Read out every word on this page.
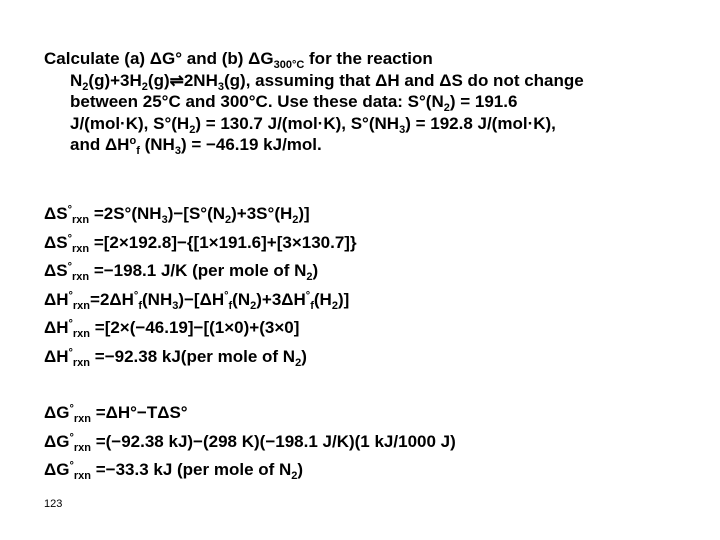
Calculate (a) ΔG° and (b) $\Delta G_{300^\circ C}$ for the reaction
$N_2(g)+3H_2(g)\rightleftharpoons 2NH_3(g)$, assuming that ΔH and ΔS do not change
between 25°C and 300°C. Use these data: $S^\circ(N_2) = 191.6$
J/(mol·K), $S^\circ(H_2) = 130.7$ J/(mol·K), $S^\circ(NH_3) = 192.8$ J/(mol·K),
and $\Delta H^o_f$ $(NH_3) = -46.19$ kJ/mol.
$\Delta S^\circ_{rxn} =2S^\circ(NH_3)-[S^\circ(N_2)+3S^\circ(H_2)]$
$\Delta S^\circ_{rxn} =[2\times 192.8]-\{[1\times 191.6]+[3\times 130.7]\}$
$\Delta S^\circ_{rxn} =-198.1$ J/K (per mole of $N_2$)
$\Delta H^\circ_{rxn}=2\Delta H^\circ_f(NH_3)-[\Delta H^\circ_f(N_2)+3\Delta H^\circ_f(H_2)]$
$\Delta H^\circ_{rxn} =[2\times(-46.19]-[(1\times 0)+(3\times 0]$
$\Delta H^\circ_{rxn} =-92.38$ kJ(per mole of $N_2$)
$\Delta G^\circ_{rxn} =\Delta H^\circ-T\Delta S^\circ$
$\Delta G^\circ_{rxn} =(-92.38$ kJ)−(298 K)(−198.1 J/K)(1 kJ/1000 J)
$\Delta G^\circ_{rxn} =-33.3$ kJ (per mole of $N_2$)
123
